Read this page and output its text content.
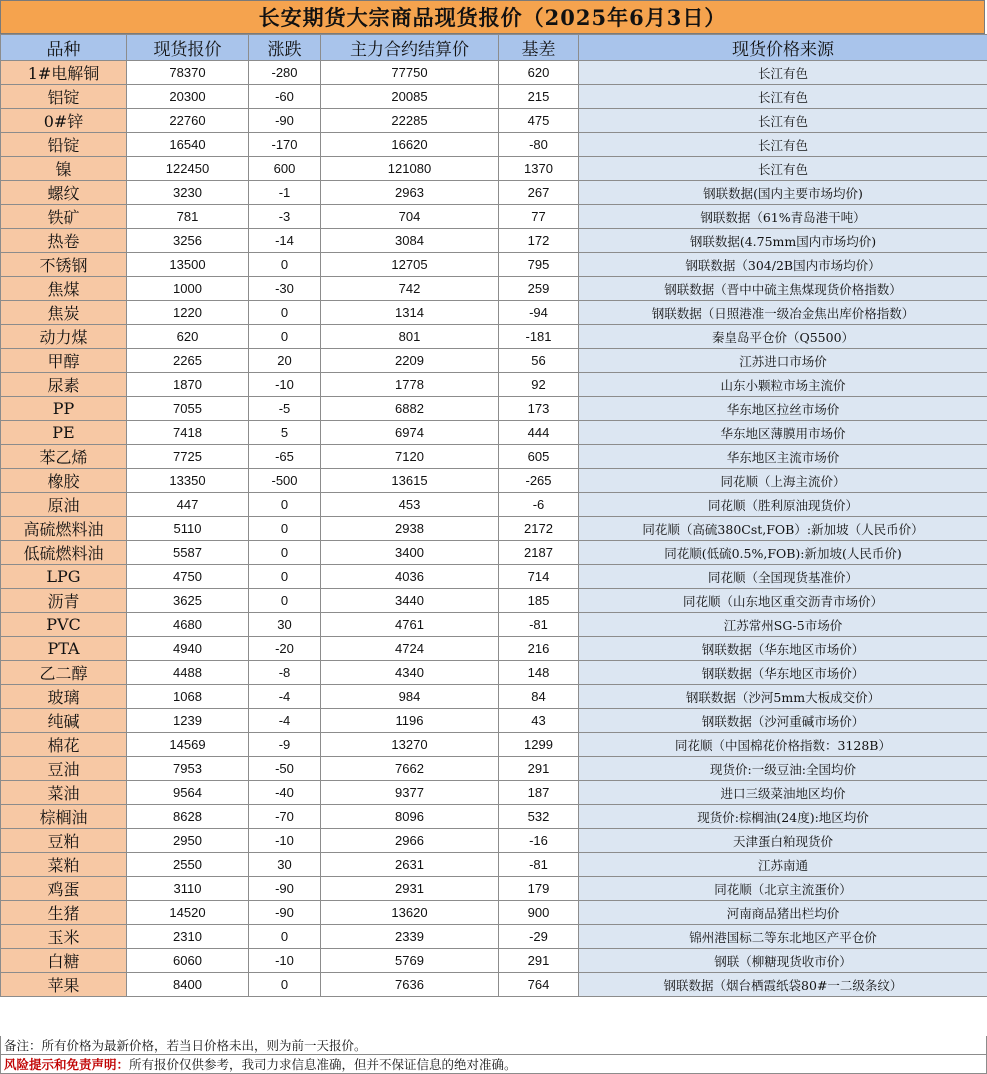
长安期货大宗商品现货报价（2025年6月3日）
品种	现货报价	涨跌	主力合约结算价	基差	现货价格来源
1#电解铜	78370	-280	77750	620	长江有色
铝锭	20300	-60	20085	215	长江有色
0#锌	22760	-90	22285	475	长江有色
铅锭	16540	-170	16620	-80	长江有色
镍	122450	600	121080	1370	长江有色
螺纹	3230	-1	2963	267	钢联数据(国内主要市场均价)
铁矿	781	-3	704	77	钢联数据（61%青岛港干吨）
热卷	3256	-14	3084	172	钢联数据(4.75mm国内市场均价)
不锈钢	13500	0	12705	795	钢联数据（304/2B国内市场均价）
焦煤	1000	-30	742	259	钢联数据（晋中中硫主焦煤现货价格指数）
焦炭	1220	0	1314	-94	钢联数据（日照港准一级冶金焦出库价格指数）
动力煤	620	0	801	-181	秦皇岛平仓价（Q5500）
甲醇	2265	20	2209	56	江苏进口市场价
尿素	1870	-10	1778	92	山东小颗粒市场主流价
PP	7055	-5	6882	173	华东地区拉丝市场价
PE	7418	5	6974	444	华东地区薄膜用市场价
苯乙烯	7725	-65	7120	605	华东地区主流市场价
橡胶	13350	-500	13615	-265	同花顺（上海主流价）
原油	447	0	453	-6	同花顺（胜利原油现货价）
高硫燃料油	5110	0	2938	2172	同花顺（高硫380Cst,FOB）:新加坡（人民币价）
低硫燃料油	5587	0	3400	2187	同花顺(低硫0.5%,FOB):新加坡(人民币价)
LPG	4750	0	4036	714	同花顺（全国现货基准价）
沥青	3625	0	3440	185	同花顺（山东地区重交沥青市场价）
PVC	4680	30	4761	-81	江苏常州SG-5市场价
PTA	4940	-20	4724	216	钢联数据（华东地区市场价）
乙二醇	4488	-8	4340	148	钢联数据（华东地区市场价）
玻璃	1068	-4	984	84	钢联数据（沙河5mm大板成交价）
纯碱	1239	-4	1196	43	钢联数据（沙河重碱市场价）
棉花	14569	-9	13270	1299	同花顺（中国棉花价格指数：3128B）
豆油	7953	-50	7662	291	现货价:一级豆油:全国均价
菜油	9564	-40	9377	187	进口三级菜油地区均价
棕榈油	8628	-70	8096	532	现货价:棕榈油(24度):地区均价
豆粕	2950	-10	2966	-16	天津蛋白粕现货价
菜粕	2550	30	2631	-81	江苏南通
鸡蛋	3110	-90	2931	179	同花顺（北京主流蛋价）
生猪	14520	-90	13620	900	河南商品猪出栏均价
玉米	2310	0	2339	-29	锦州港国标二等东北地区产平仓价
白糖	6060	-10	5769	291	钢联（柳糖现货收市价）
苹果	8400	0	7636	764	钢联数据（烟台栖霞纸袋80#一二级条纹）
备注：所有价格为最新价格，若当日价格未出，则为前一天报价。
风险提示和免责声明： 所有报价仅供参考，我司力求信息准确，但并不保证信息的绝对准确。
